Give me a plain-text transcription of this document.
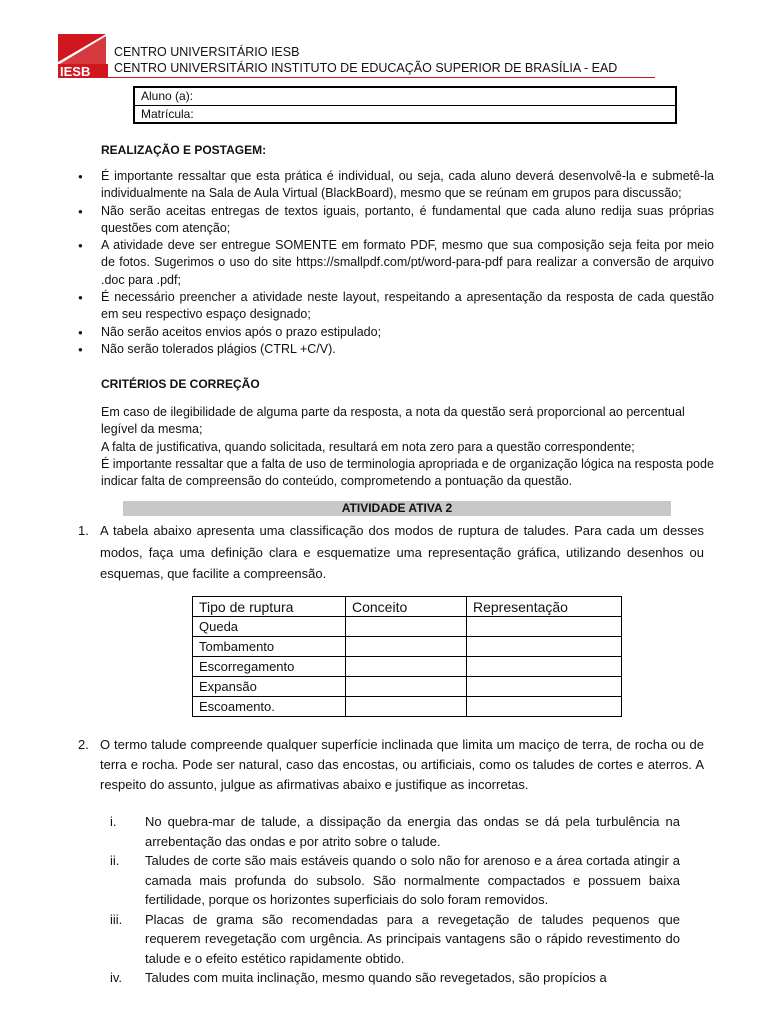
IESB
CENTRO UNIVERSITÁRIO IESB
CENTRO UNIVERSITÁRIO INSTITUTO DE EDUCAÇÃO SUPERIOR DE BRASÍLIA - EAD
Aluno (a):
Matrícula:
REALIZAÇÃO E POSTAGEM:
● É importante ressaltar que esta prática é individual, ou seja, cada aluno deverá desenvolvê-la e submetê-la individualmente na Sala de Aula Virtual (BlackBoard), mesmo que se reúnam em grupos para discussão;
● Não serão aceitas entregas de textos iguais, portanto, é fundamental que cada aluno redija suas próprias questões com atenção;
● A atividade deve ser entregue SOMENTE em formato PDF, mesmo que sua composição seja feita por meio de fotos. Sugerimos o uso do site https://smallpdf.com/pt/word-para-pdf para realizar a conversão de arquivo .doc para .pdf;
● É necessário preencher a atividade neste layout, respeitando a apresentação da resposta de cada questão em seu respectivo espaço designado;
● Não serão aceitos envios após o prazo estipulado;
● Não serão tolerados plágios (CTRL +C/V).
CRITÉRIOS DE CORREÇÃO

Em caso de ilegibilidade de alguma parte da resposta, a nota da questão será proporcional ao percentual legível da mesma;

A falta de justificativa, quando solicitada, resultará em nota zero para a questão correspondente;

É importante ressaltar que a falta de uso de terminologia apropriada e de organização lógica na resposta pode indicar falta de compreensão do conteúdo, comprometendo a pontuação da questão.

ATIVIDADE ATIVA 2
1. A tabela abaixo apresenta uma classificação dos modos de ruptura de taludes. Para cada um desses modos, faça uma definição clara e esquematize uma representação gráfica, utilizando desenhos ou esquemas, que facilite a compreensão.
Tipo de ruptura	Conceito	Representação
Queda		
Tombamento		
Escorregamento		
Expansão		
Escoamento.		
2. O termo talude compreende qualquer superfície inclinada que limita um maciço de terra, de rocha ou de terra e rocha. Pode ser natural, caso das encostas, ou artificiais, como os taludes de cortes e aterros. A respeito do assunto, julgue as afirmativas abaixo e justifique as incorretas.
i.	No quebra-mar de talude, a dissipação da energia das ondas se dá pela turbulência na arrebentação das ondas e por atrito sobre o talude.
ii.	Taludes de corte são mais estáveis quando o solo não for arenoso e a área cortada atingir a camada mais profunda do subsolo. São normalmente compactados e possuem baixa fertilidade, porque os horizontes superficiais do solo foram removidos.
iii.	Placas de grama são recomendadas para a revegetação de taludes pequenos que requerem revegetação com urgência. As principais vantagens são o rápido revestimento do talude e o efeito estético rapidamente obtido.
iv.	Taludes com muita inclinação, mesmo quando são revegetados, são propícios a
